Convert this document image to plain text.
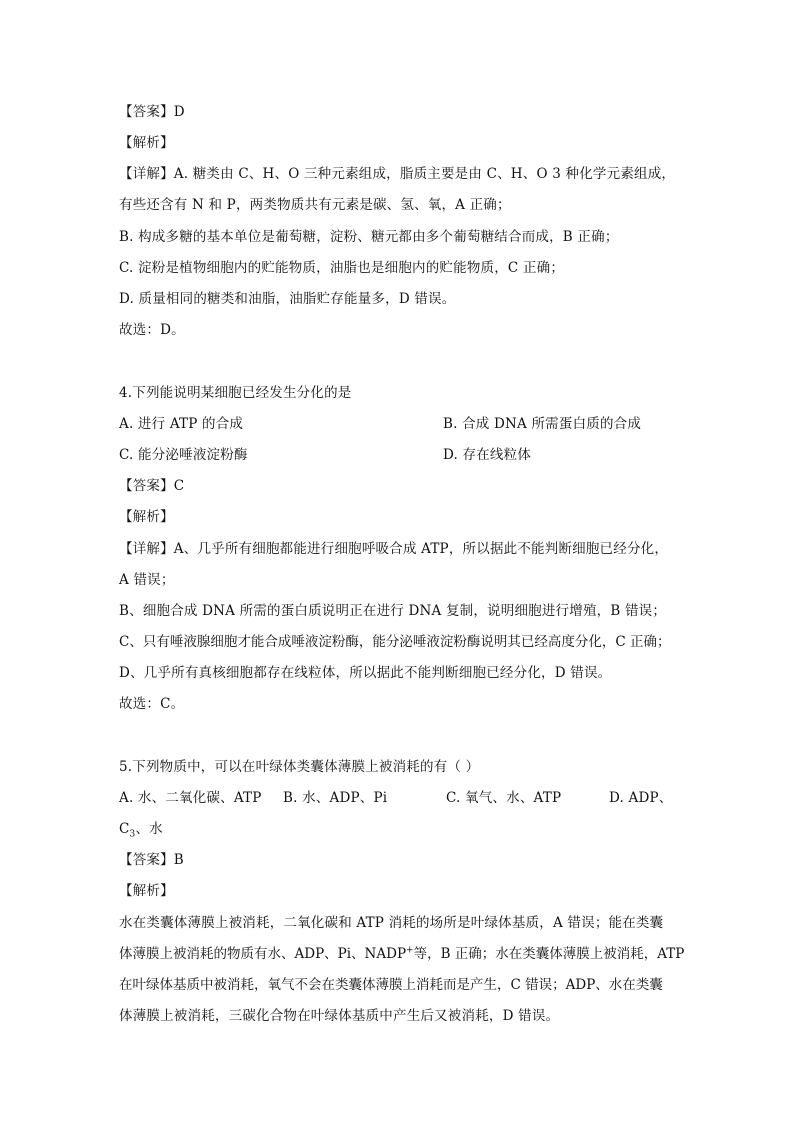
【答案】D
【解析】
【详解】A. 糖类由 C、H、O 三种元素组成，脂质主要是由 C、H、O 3 种化学元素组成，
有些还含有 N 和 P，两类物质共有元素是碳、氢、氧，A 正确；
B. 构成多糖的基本单位是葡萄糖，淀粉、糖元都由多个葡萄糖结合而成，B 正确；
C. 淀粉是植物细胞内的贮能物质，油脂也是细胞内的贮能物质，C 正确；
D. 质量相同的糖类和油脂，油脂贮存能量多，D 错误。
故选：D。
4.下列能说明某细胞已经发生分化的是
A. 进行 ATP 的合成	B. 合成 DNA 所需蛋白质的合成
C. 能分泌唾液淀粉酶	D. 存在线粒体
【答案】C
【解析】
【详解】A、几乎所有细胞都能进行细胞呼吸合成 ATP，所以据此不能判断细胞已经分化，
A 错误；
B、细胞合成 DNA 所需的蛋白质说明正在进行 DNA 复制，说明细胞进行增殖，B 错误；
C、只有唾液腺细胞才能合成唾液淀粉酶，能分泌唾液淀粉酶说明其已经高度分化，C 正确；
D、几乎所有真核细胞都存在线粒体，所以据此不能判断细胞已经分化，D 错误。
故选：C。
5.下列物质中，可以在叶绿体类囊体薄膜上被消耗的有（ ）
A. 水、二氧化碳、ATP B. 水、ADP、Pi	C. 氧气、水、ATP	D. ADP、
$C_3$、水
【答案】B
【解析】
水在类囊体薄膜上被消耗，二氧化碳和 ATP 消耗的场所是叶绿体基质，A 错误；能在类囊
体薄膜上被消耗的物质有水、ADP、Pi、NADP+等，B 正确；水在类囊体薄膜上被消耗，ATP
在叶绿体基质中被消耗，氧气不会在类囊体薄膜上消耗而是产生，C 错误；ADP、水在类囊
体薄膜上被消耗，三碳化合物在叶绿体基质中产生后又被消耗，D 错误。
